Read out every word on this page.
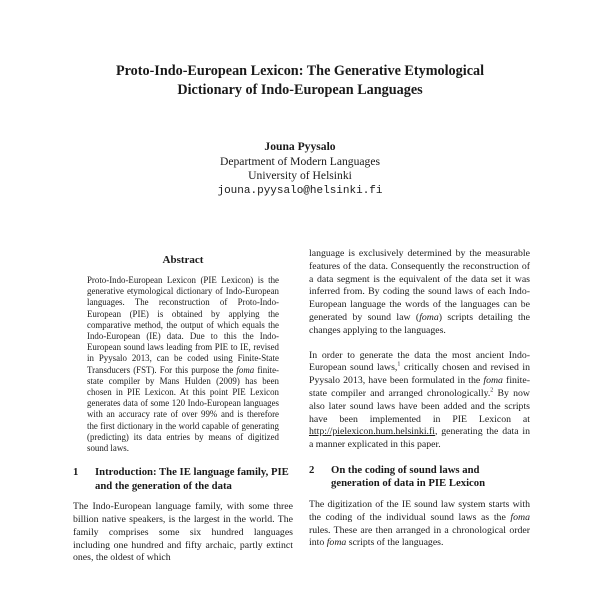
Proto-Indo-European Lexicon: The Generative Etymological
Dictionary of Indo-European Languages
Jouna Pyysalo
Department of Modern Languages
University of Helsinki
jouna.pyysalo@helsinki.fi
Abstract

Proto-Indo-European Lexicon (PIE Lexicon) is the generative etymological dictionary of Indo-European languages. The reconstruction of Proto-Indo-European (PIE) is obtained by applying the comparative method, the output of which equals the Indo-European (IE) data. Due to this the Indo-European sound laws leading from PIE to IE, revised in Pyysalo 2013, can be coded using Finite-State Transducers (FST). For this purpose the foma finite-state compiler by Mans Hulden (2009) has been chosen in PIE Lexicon. At this point PIE Lexicon generates data of some 120 Indo-European languages with an accuracy rate of over 99% and is therefore the first dictionary in the world capable of generating (predicting) its data entries by means of digitized sound laws.

1	Introduction: The IE language family, PIE and the generation of the data

The Indo-European language family, with some three billion native speakers, is the largest in the world. The family comprises some six hundred languages including one hundred and fifty archaic, partly extinct ones, the oldest of which

language is exclusively determined by the measurable features of the data. Consequently the reconstruction of a data segment is the equivalent of the data set it was inferred from. By coding the sound laws of each Indo-European language the words of the languages can be generated by sound law (foma) scripts detailing the changes applying to the languages.

In order to generate the data the most ancient Indo-European sound laws,$^1$ critically chosen and revised in Pyysalo 2013, have been formulated in the foma finite-state compiler and arranged chronologically.$^2$ By now also later sound laws have been added and the scripts have been implemented in PIE Lexicon at http://pielexicon.hum.helsinki.fi, generating the data in a manner explicated in this paper.

2	On the coding of sound laws and generation of data in PIE Lexicon

The digitization of the IE sound law system starts with the coding of the individual sound laws as the foma rules. These are then arranged in a chronological order into foma scripts of the languages.
